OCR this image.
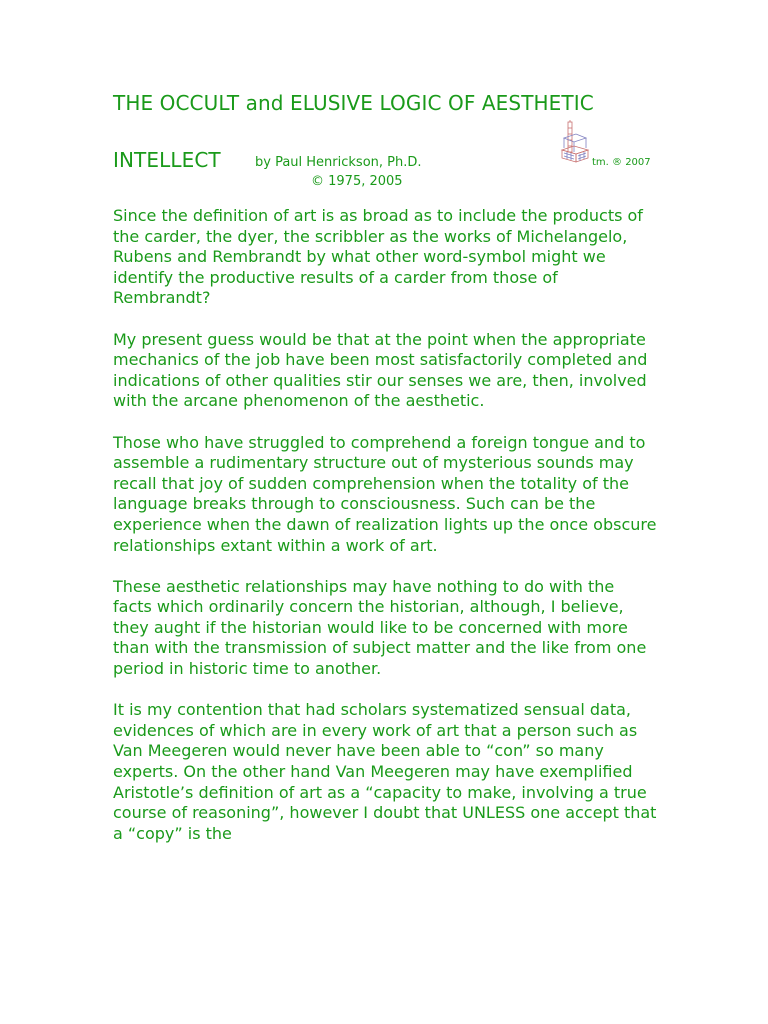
THE OCCULT and ELUSIVE LOGIC OF AESTHETIC
INTELLECT	by Paul Henrickson, Ph.D.
© 1975, 2005
tm. ® 2007

Since the definition of art is as broad as to include the products of the carder, the dyer, the scribbler as the works of Michelangelo, Rubens and Rembrandt by what other word-symbol might we identify the productive results of a carder from those of Rembrandt?

My present guess would be that at the point when the appropriate mechanics of the job have been most satisfactorily completed and indications of other qualities stir our senses we are, then, involved with the arcane phenomenon of the aesthetic.

Those who have struggled to comprehend a foreign tongue and to assemble a rudimentary structure out of mysterious sounds may recall that joy of sudden comprehension when the totality of the language breaks through to consciousness. Such can be the experience when the dawn of realization lights up the once obscure relationships extant within a work of art.

These aesthetic relationships may have nothing to do with the facts which ordinarily concern the historian, although, I believe, they aught if the historian would like to be concerned with more than with the transmission of subject matter and the like from one period in historic time to another.

It is my contention that had scholars systematized sensual data, evidences of which are in every work of art that a person such as Van Meegeren would never have been able to “con” so many experts. On the other hand Van Meegeren may have exemplified Aristotle’s definition of art as a “capacity to make, involving a true course of reasoning”, however I doubt that UNLESS one accept that a “copy” is the
